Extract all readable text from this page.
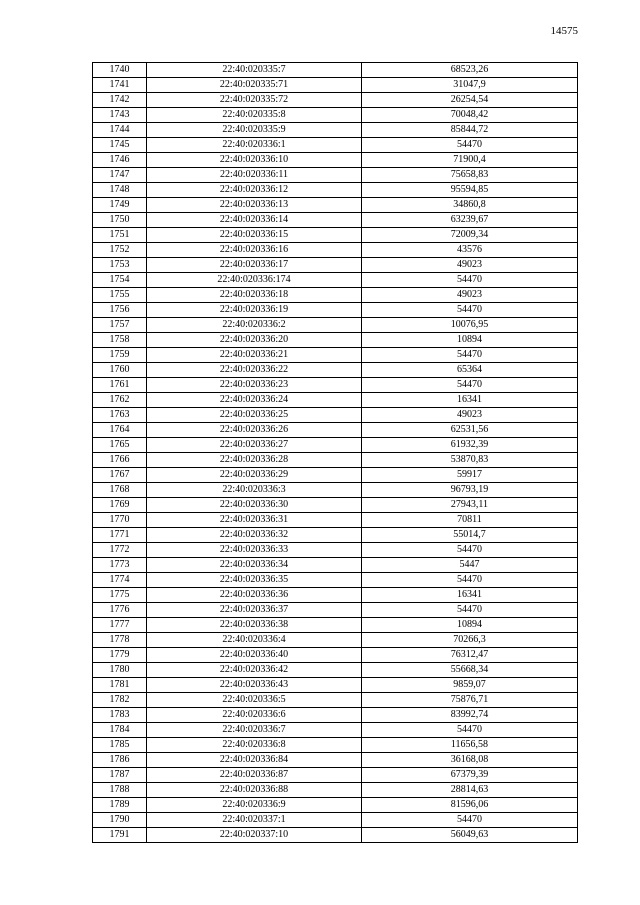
14575
1740	22:40:020335:7	68523,26
1741	22:40:020335:71	31047,9
1742	22:40:020335:72	26254,54
1743	22:40:020335:8	70048,42
1744	22:40:020335:9	85844,72
1745	22:40:020336:1	54470
1746	22:40:020336:10	71900,4
1747	22:40:020336:11	75658,83
1748	22:40:020336:12	95594,85
1749	22:40:020336:13	34860,8
1750	22:40:020336:14	63239,67
1751	22:40:020336:15	72009,34
1752	22:40:020336:16	43576
1753	22:40:020336:17	49023
1754	22:40:020336:174	54470
1755	22:40:020336:18	49023
1756	22:40:020336:19	54470
1757	22:40:020336:2	10076,95
1758	22:40:020336:20	10894
1759	22:40:020336:21	54470
1760	22:40:020336:22	65364
1761	22:40:020336:23	54470
1762	22:40:020336:24	16341
1763	22:40:020336:25	49023
1764	22:40:020336:26	62531,56
1765	22:40:020336:27	61932,39
1766	22:40:020336:28	53870,83
1767	22:40:020336:29	59917
1768	22:40:020336:3	96793,19
1769	22:40:020336:30	27943,11
1770	22:40:020336:31	70811
1771	22:40:020336:32	55014,7
1772	22:40:020336:33	54470
1773	22:40:020336:34	5447
1774	22:40:020336:35	54470
1775	22:40:020336:36	16341
1776	22:40:020336:37	54470
1777	22:40:020336:38	10894
1778	22:40:020336:4	70266,3
1779	22:40:020336:40	76312,47
1780	22:40:020336:42	55668,34
1781	22:40:020336:43	9859,07
1782	22:40:020336:5	75876,71
1783	22:40:020336:6	83992,74
1784	22:40:020336:7	54470
1785	22:40:020336:8	11656,58
1786	22:40:020336:84	36168,08
1787	22:40:020336:87	67379,39
1788	22:40:020336:88	28814,63
1789	22:40:020336:9	81596,06
1790	22:40:020337:1	54470
1791	22:40:020337:10	56049,63
